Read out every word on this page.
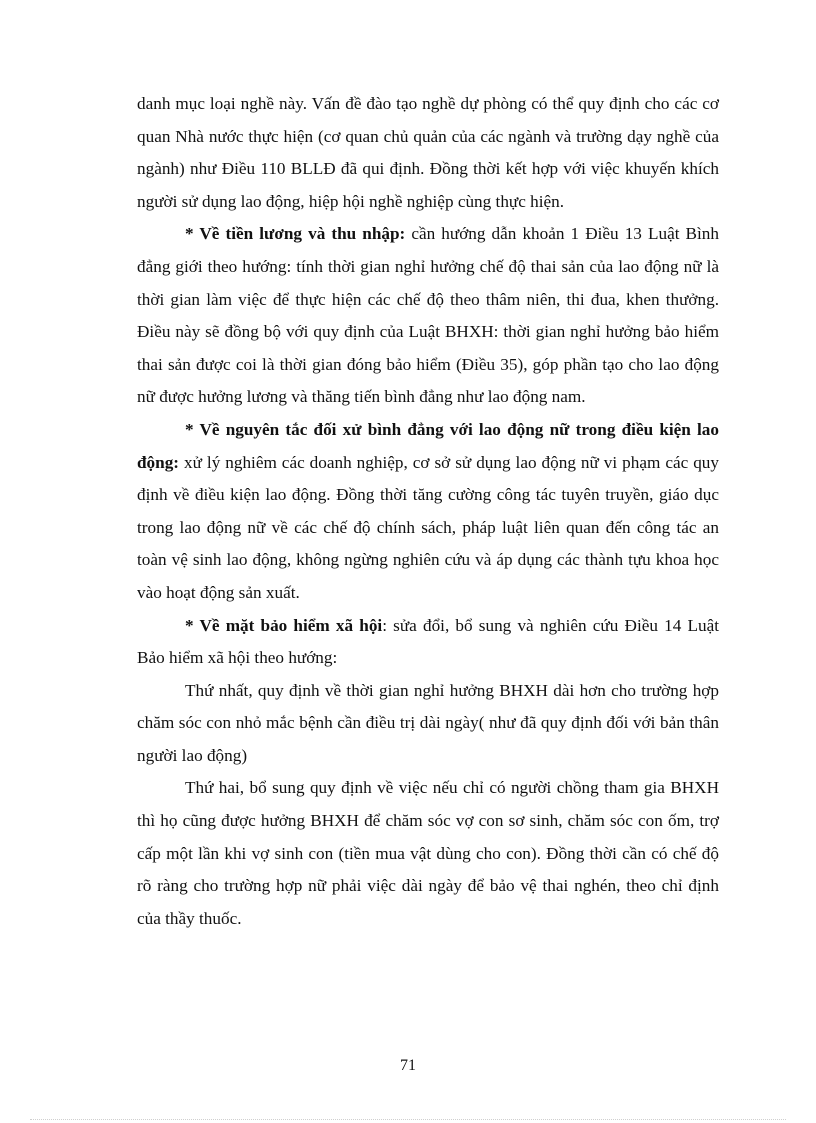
danh mục loại nghề này. Vấn đề đào tạo nghề dự phòng có thể quy định cho các cơ quan Nhà nước thực hiện (cơ quan chủ quản của các ngành và trường dạy nghề của ngành) như Điều 110 BLLĐ đã qui định. Đồng thời kết hợp với việc khuyến khích người sử dụng lao động, hiệp hội nghề nghiệp cùng thực hiện.

* Về tiền lương và thu nhập: cần hướng dẫn khoản 1 Điều 13 Luật Bình đẳng giới theo hướng: tính thời gian nghỉ hưởng chế độ thai sản của lao động nữ là thời gian làm việc để thực hiện các chế độ theo thâm niên, thi đua, khen thưởng. Điều này sẽ đồng bộ với quy định của Luật BHXH: thời gian nghỉ hưởng bảo hiểm thai sản được coi là thời gian đóng bảo hiểm (Điều 35), góp phần tạo cho lao động nữ được hưởng lương và thăng tiến bình đẳng như lao động nam.

* Về nguyên tắc đối xử bình đẳng với lao động nữ trong điều kiện lao động: xử lý nghiêm các doanh nghiệp, cơ sở sử dụng lao động nữ vi phạm các quy định về điều kiện lao động. Đồng thời tăng cường công tác tuyên truyền, giáo dục trong lao động nữ về các chế độ chính sách, pháp luật liên quan đến công tác an toàn vệ sinh lao động, không ngừng nghiên cứu và áp dụng các thành tựu khoa học vào hoạt động sản xuất.

* Về mặt bảo hiểm xã hội: sửa đổi, bổ sung và nghiên cứu Điều 14 Luật Bảo hiểm xã hội theo hướng:

Thứ nhất, quy định về thời gian nghỉ hưởng BHXH dài hơn cho trường hợp chăm sóc con nhỏ mắc bệnh cần điều trị dài ngày( như đã quy định đối với bản thân người lao động)

Thứ hai, bổ sung quy định về việc nếu chỉ có người chồng tham gia BHXH thì họ cũng được hưởng BHXH để chăm sóc vợ con sơ sinh, chăm sóc con ốm, trợ cấp một lần khi vợ sinh con (tiền mua vật dùng cho con). Đồng thời cần có chế độ rõ ràng cho trường hợp nữ phải việc dài ngày để bảo vệ thai nghén, theo chỉ định của thầy thuốc.

71
